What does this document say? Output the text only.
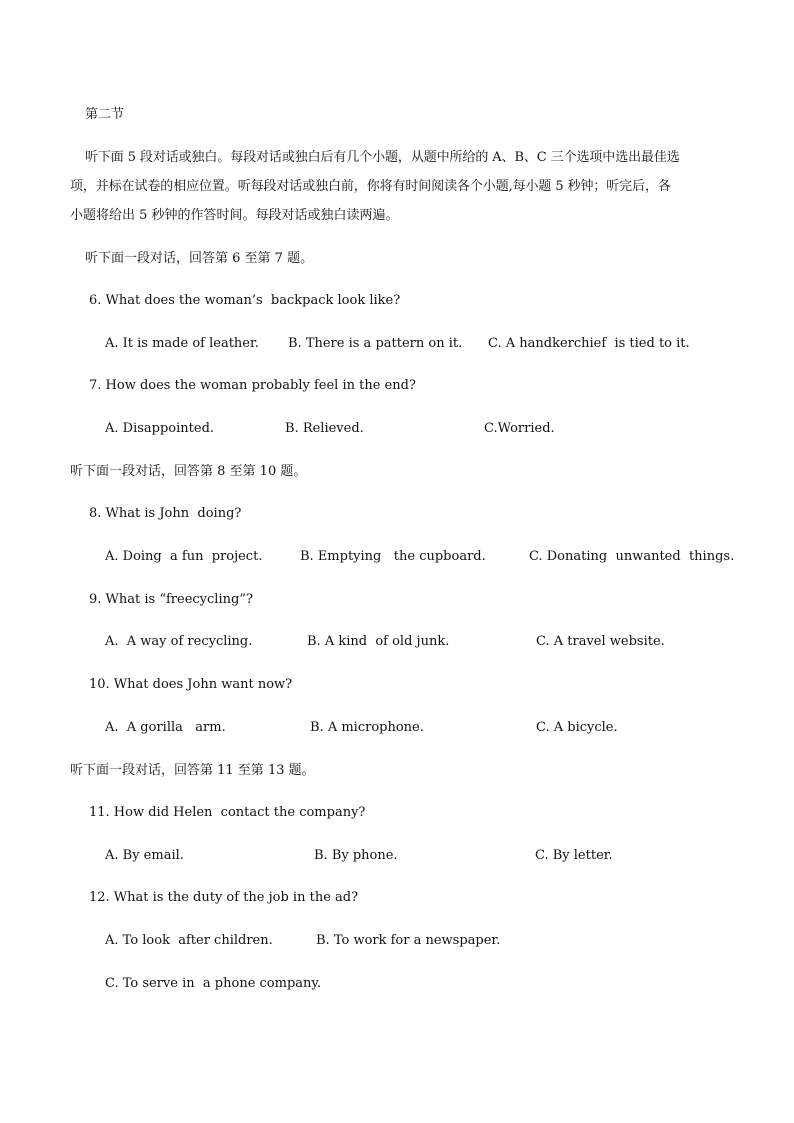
第二节
听下面 5 段对话或独白。每段对话或独白后有几个小题，从题中所给的 A、B、C 三个选项中选出最佳选
项，并标在试卷的相应位置。听每段对话或独白前，你将有时间阅读各个小题,每小题 5 秒钟；听完后，各
小题将给出 5 秒钟的作答时间。每段对话或独白读两遍。
听下面一段对话，回答第 6 至第 7 题。
6. What does the woman’s  backpack look like?
A. It is made of leather. B. There is a pattern on it. C. A handkerchief  is tied to it.
7. How does the woman probably feel in the end?
A. Disappointed.	B. Relieved.	C.Worried.
听下面一段对话，回答第 8 至第 10 题。
8. What is John  doing?
A. Doing  a fun  project.	B. Emptying   the cupboard.	C. Donating  unwanted  things.
9. What is “freecycling”?
A.  A way of recycling.	B. A kind  of old junk.	C. A travel website.
10. What does John want now?
A.  A gorilla   arm.	B. A microphone.	C. A bicycle.
听下面一段对话，回答第 11 至第 13 题。
11. How did Helen  contact the company?
A. By email.	B. By phone.	C. By letter.
12. What is the duty of the job in the ad?
A. To look  after children.	B. To work for a newspaper.
C. To serve in  a phone company.
